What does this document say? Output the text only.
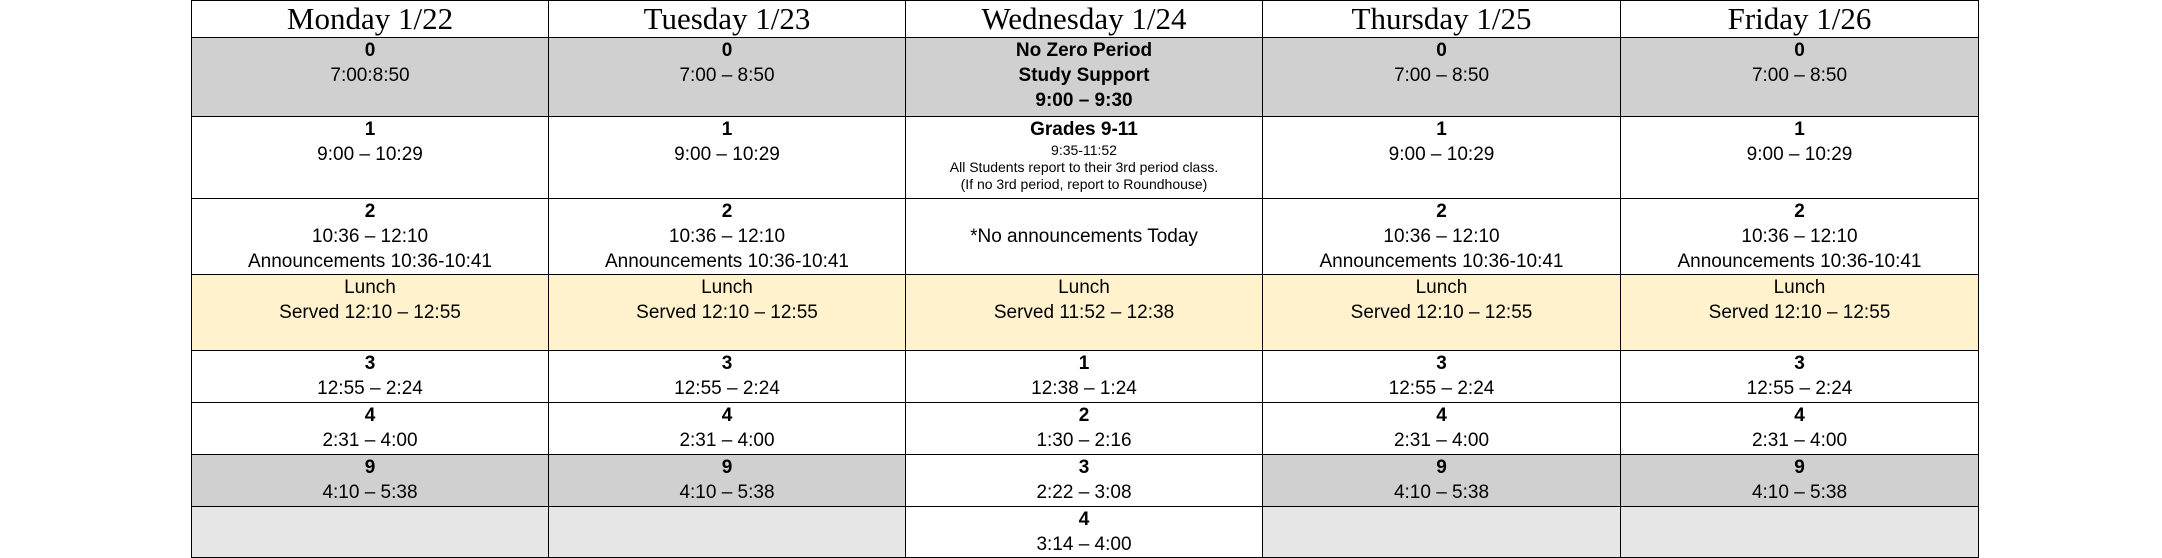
Monday 1/22	Tuesday 1/23	Wednesday 1/24	Thursday 1/25	Friday 1/26

0
7:00:8:50	0
7:00 – 8:50	No Zero Period
Study Support
9:00 – 9:30	0
7:00 – 8:50	0
7:00 – 8:50

1
9:00 – 10:29	1
9:00 – 10:29	Grades 9-11
9:35-11:52
All Students report to their 3rd period class.
(If no 3rd period, report to Roundhouse)	1
9:00 – 10:29	1
9:00 – 10:29

2
10:36 – 12:10
Announcements 10:36-10:41	2
10:36 – 12:10
Announcements 10:36-10:41	*No announcements Today	2
10:36 – 12:10
Announcements 10:36-10:41	2
10:36 – 12:10
Announcements 10:36-10:41

Lunch
Served 12:10 – 12:55	Lunch
Served 12:10 – 12:55	Lunch
Served 11:52 – 12:38	Lunch
Served 12:10 – 12:55	Lunch
Served 12:10 – 12:55

3
12:55 – 2:24	3
12:55 – 2:24	1
12:38 – 1:24	3
12:55 – 2:24	3
12:55 – 2:24

4
2:31 – 4:00	4
2:31 – 4:00	2
1:30 – 2:16	4
2:31 – 4:00	4
2:31 – 4:00

9
4:10 – 5:38	9
4:10 – 5:38	3
2:22 – 3:08	9
4:10 – 5:38	9
4:10 – 5:38

		4
3:14 – 4:00		
